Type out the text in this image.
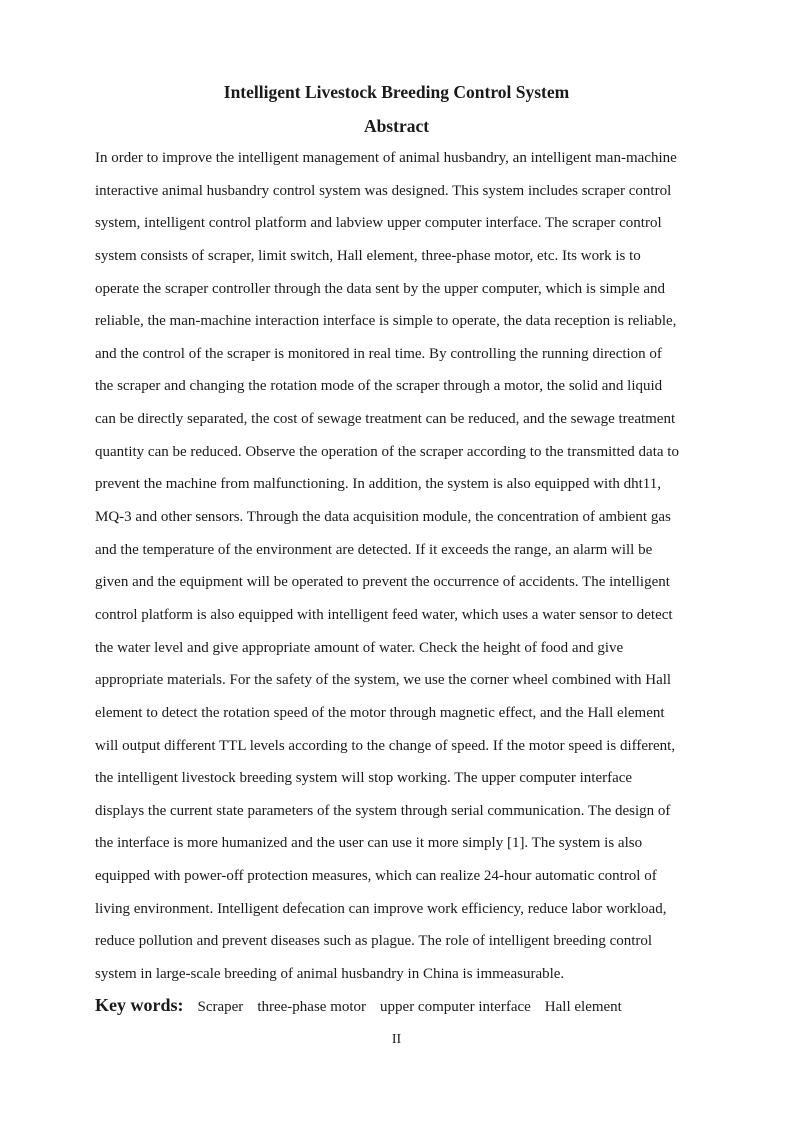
Intelligent Livestock Breeding Control System
Abstract
In order to improve the intelligent management of animal husbandry, an intelligent man-machine
interactive animal husbandry control system was designed. This system includes scraper control
system, intelligent control platform and labview upper computer interface. The scraper control
system consists of scraper, limit switch, Hall element, three-phase motor, etc. Its work is to
operate the scraper controller through the data sent by the upper computer, which is simple and
reliable, the man-machine interaction interface is simple to operate, the data reception is reliable,
and the control of the scraper is monitored in real time. By controlling the running direction of
the scraper and changing the rotation mode of the scraper through a motor, the solid and liquid
can be directly separated, the cost of sewage treatment can be reduced, and the sewage treatment
quantity can be reduced. Observe the operation of the scraper according to the transmitted data to
prevent the machine from malfunctioning. In addition, the system is also equipped with dht11,
MQ-3 and other sensors. Through the data acquisition module, the concentration of ambient gas
and the temperature of the environment are detected. If it exceeds the range, an alarm will be
given and the equipment will be operated to prevent the occurrence of accidents. The intelligent
control platform is also equipped with intelligent feed water, which uses a water sensor to detect
the water level and give appropriate amount of water. Check the height of food and give
appropriate materials. For the safety of the system, we use the corner wheel combined with Hall
element to detect the rotation speed of the motor through magnetic effect, and the Hall element
will output different TTL levels according to the change of speed. If the motor speed is different,
the intelligent livestock breeding system will stop working. The upper computer interface
displays the current state parameters of the system through serial communication. The design of
the interface is more humanized and the user can use it more simply [1]. The system is also
equipped with power-off protection measures, which can realize 24-hour automatic control of
living environment. Intelligent defecation can improve work efficiency, reduce labor workload,
reduce pollution and prevent diseases such as plague. The role of intelligent breeding control
system in large-scale breeding of animal husbandry in China is immeasurable.
Key words: Scraper three-phase motor upper computer interface Hall element
II
